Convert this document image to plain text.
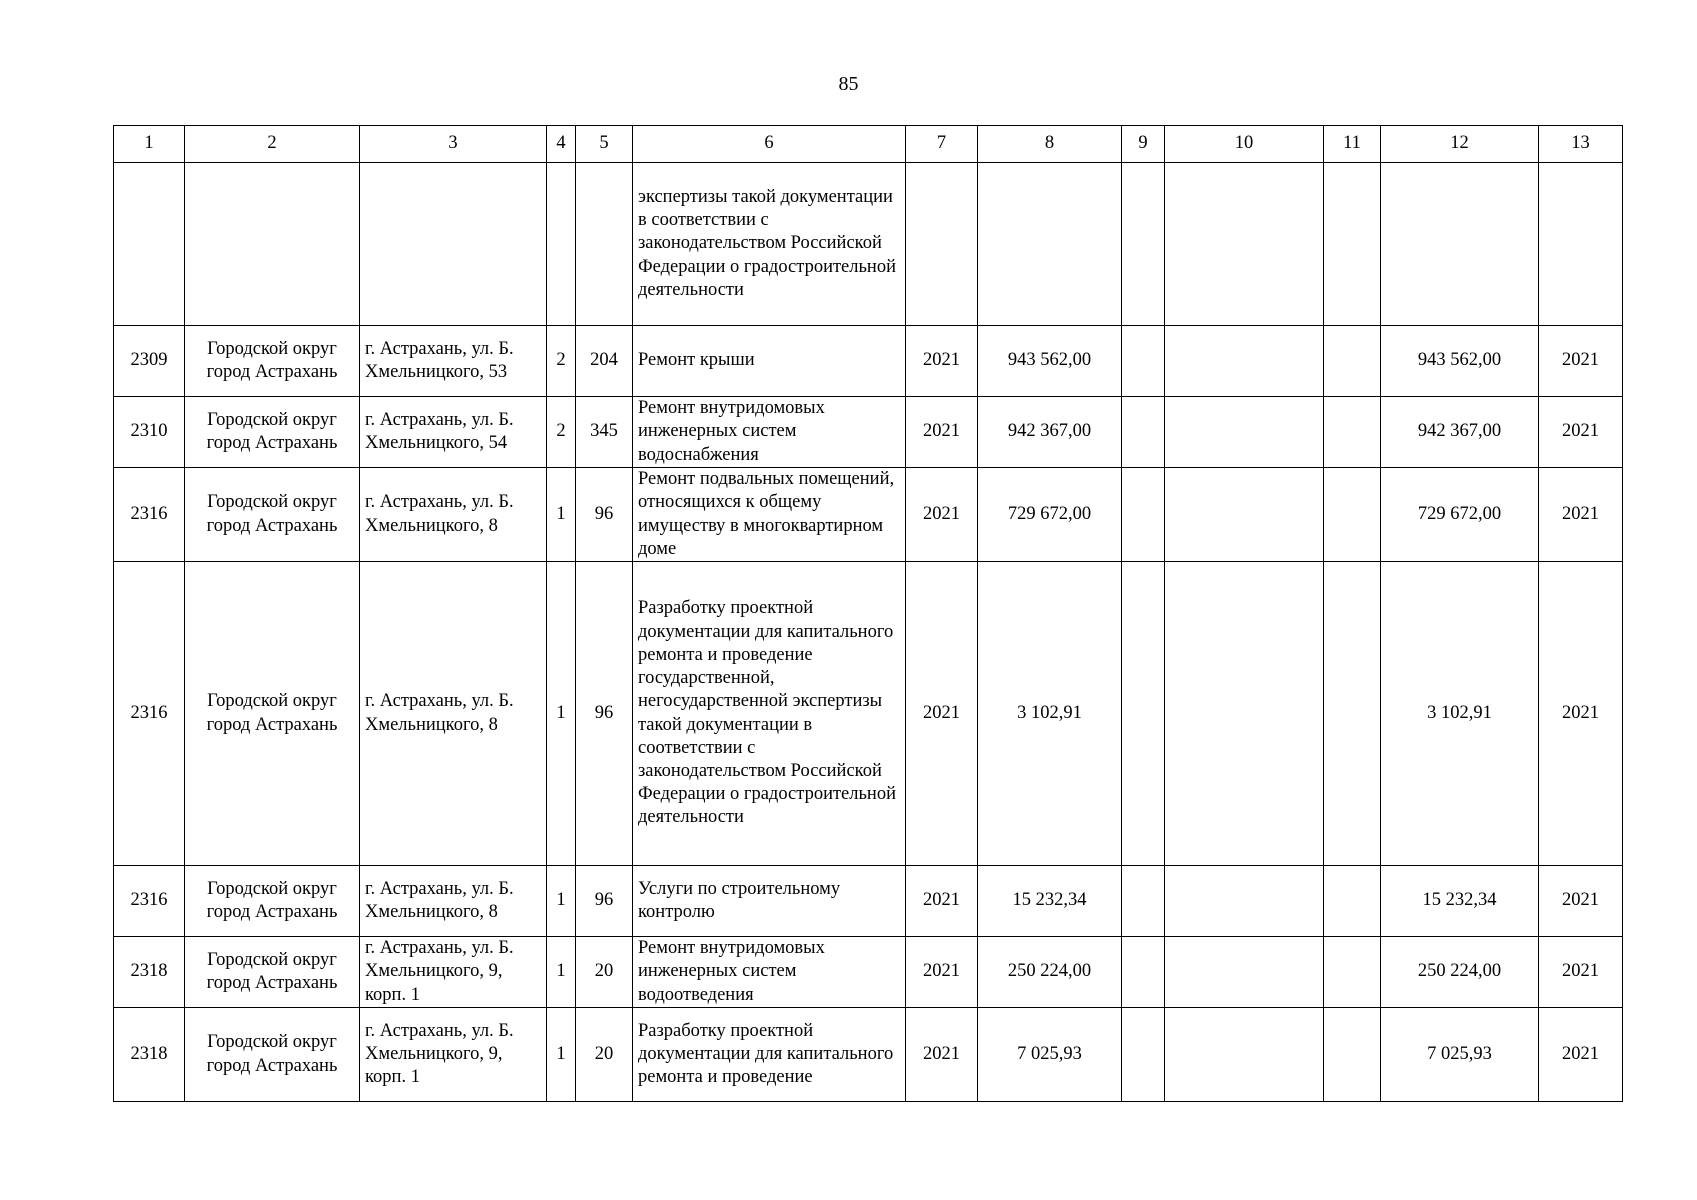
85
1	2	3	4	5	6	7	8	9	10	11	12	13
					экспертизы такой документации в соответствии с законодательством Российской Федерации о градостроительной деятельности							
2309	Городской округ город Астрахань	г. Астрахань, ул. Б. Хмельницкого, 53	2	204	Ремонт крыши	2021	943 562,00				943 562,00	2021
2310	Городской округ город Астрахань	г. Астрахань, ул. Б. Хмельницкого, 54	2	345	Ремонт внутридомовых инженерных систем водоснабжения	2021	942 367,00				942 367,00	2021
2316	Городской округ город Астрахань	г. Астрахань, ул. Б. Хмельницкого, 8	1	96	Ремонт подвальных помещений, относящихся к общему имуществу в многоквартирном доме	2021	729 672,00				729 672,00	2021
2316	Городской округ город Астрахань	г. Астрахань, ул. Б. Хмельницкого, 8	1	96	Разработку проектной документации для капитального ремонта и проведение государственной, негосударственной экспертизы такой документации в соответствии с законодательством Российской Федерации о градостроительной деятельности	2021	3 102,91				3 102,91	2021
2316	Городской округ город Астрахань	г. Астрахань, ул. Б. Хмельницкого, 8	1	96	Услуги по строительному контролю	2021	15 232,34				15 232,34	2021
2318	Городской округ город Астрахань	г. Астрахань, ул. Б. Хмельницкого, 9, корп. 1	1	20	Ремонт внутридомовых инженерных систем водоотведения	2021	250 224,00				250 224,00	2021
2318	Городской округ город Астрахань	г. Астрахань, ул. Б. Хмельницкого, 9, корп. 1	1	20	Разработку проектной документации для капитального ремонта и проведение	2021	7 025,93				7 025,93	2021
